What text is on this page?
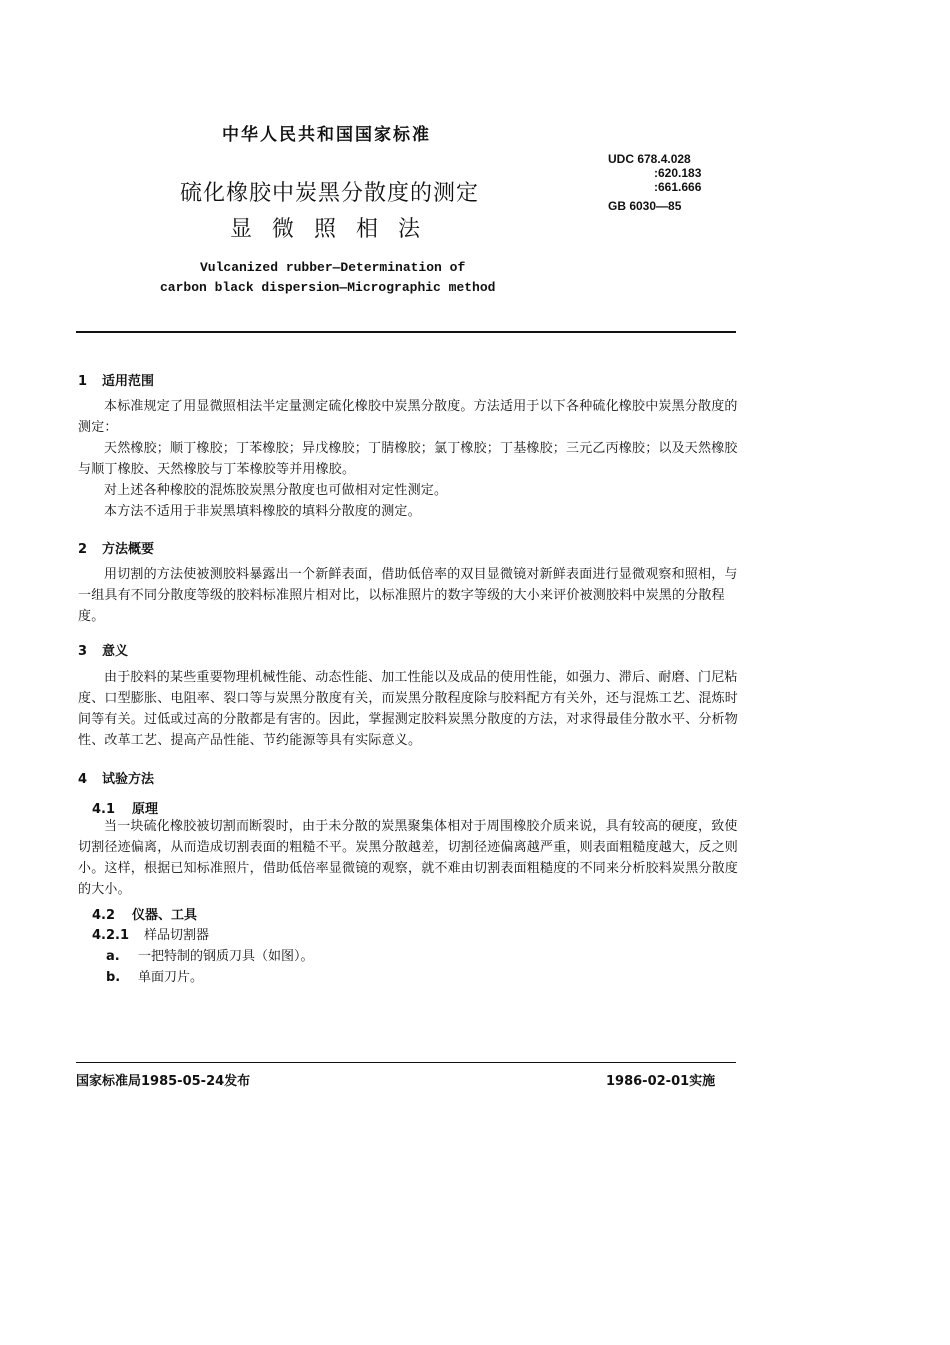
中华人民共和国国家标准
硫化橡胶中炭黑分散度的测定
显微照相法
Vulcanized rubber—Determination of
carbon black dispersion—Micrographic method
UDC 678.4.028
:620.183
:661.666
GB 6030—85
1 适用范围

本标准规定了用显微照相法半定量测定硫化橡胶中炭黑分散度。方法适用于以下各种硫化橡胶中炭黑分散度的测定：

天然橡胶；顺丁橡胶；丁苯橡胶；异戊橡胶；丁腈橡胶；氯丁橡胶；丁基橡胶；三元乙丙橡胶；以及天然橡胶与顺丁橡胶、天然橡胶与丁苯橡胶等并用橡胶。

对上述各种橡胶的混炼胶炭黑分散度也可做相对定性测定。

本方法不适用于非炭黑填料橡胶的填料分散度的测定。

2 方法概要

用切割的方法使被测胶料暴露出一个新鲜表面，借助低倍率的双目显微镜对新鲜表面进行显微观察和照相，与一组具有不同分散度等级的胶料标准照片相对比，以标准照片的数字等级的大小来评价被测胶料中炭黑的分散程度。

3 意义

由于胶料的某些重要物理机械性能、动态性能、加工性能以及成品的使用性能，如强力、滞后、耐磨、门尼粘度、口型膨胀、电阻率、裂口等与炭黑分散度有关，而炭黑分散程度除与胶料配方有关外，还与混炼工艺、混炼时间等有关。过低或过高的分散都是有害的。因此，掌握测定胶料炭黑分散度的方法，对求得最佳分散水平、分析物性、改革工艺、提高产品性能、节约能源等具有实际意义。

4 试验方法
4.1 原理

当一块硫化橡胶被切割而断裂时，由于未分散的炭黑聚集体相对于周围橡胶介质来说，具有较高的硬度，致使切割径迹偏离，从而造成切割表面的粗糙不平。炭黑分散越差，切割径迹偏离越严重，则表面粗糙度越大，反之则小。这样，根据已知标准照片，借助低倍率显微镜的观察，就不难由切割表面粗糙度的不同来分析胶料炭黑分散度的大小。

4.2 仪器、工具
4.2.1 样品切割器
a. 一把特制的钢质刀具（如图）。
b. 单面刀片。
国家标准局1985-05-24发布	1986-02-01实施
